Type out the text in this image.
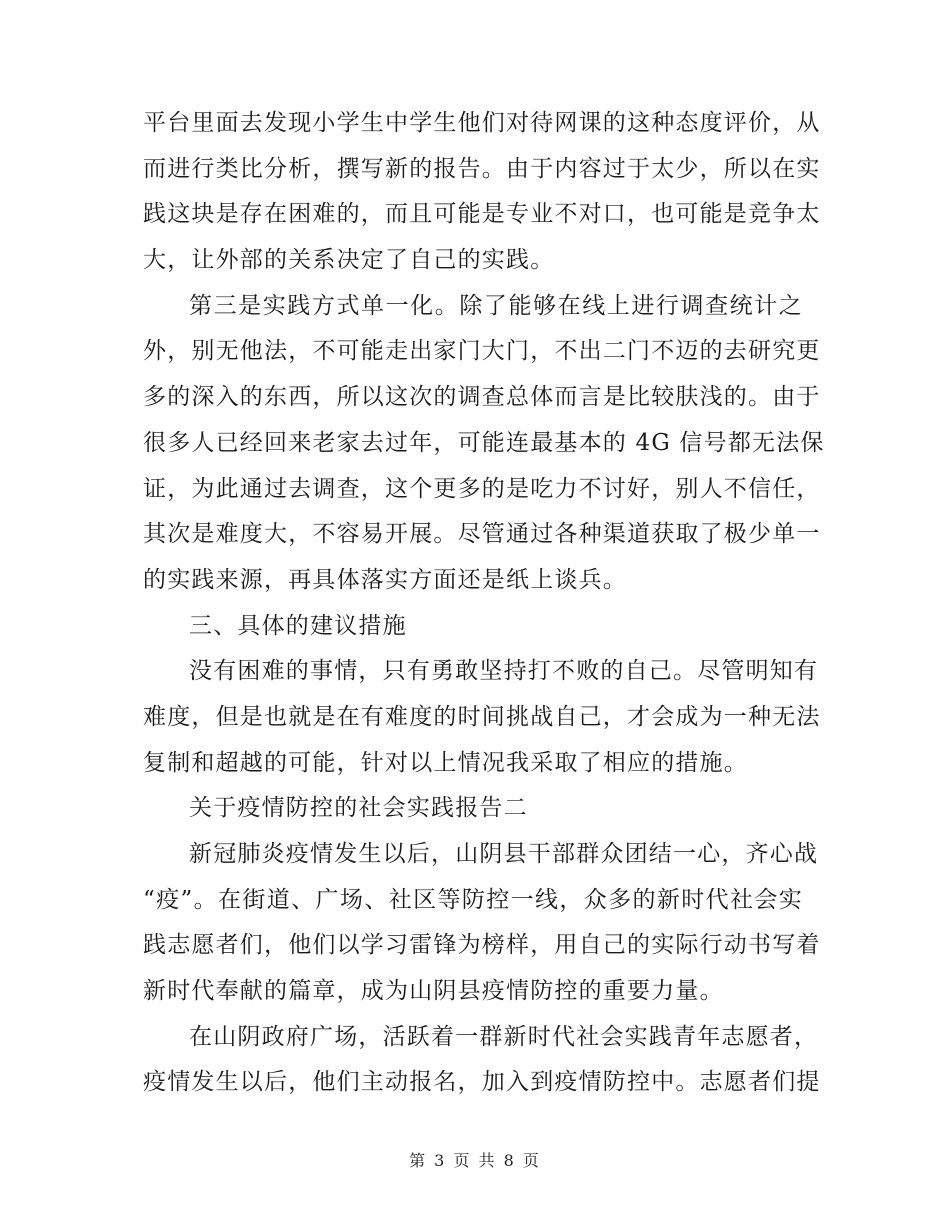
平台里面去发现小学生中学生他们对待网课的这种态度评价，从
而进行类比分析，撰写新的报告。由于内容过于太少，所以在实
践这块是存在困难的，而且可能是专业不对口，也可能是竞争太
大，让外部的关系决定了自己的实践。
第三是实践方式单一化。除了能够在线上进行调查统计之
外，别无他法，不可能走出家门大门，不出二门不迈的去研究更
多的深入的东西，所以这次的调查总体而言是比较肤浅的。由于
很多人已经回来老家去过年，可能连最基本的 4G 信号都无法保
证，为此通过去调查，这个更多的是吃力不讨好，别人不信任，
其次是难度大，不容易开展。尽管通过各种渠道获取了极少单一
的实践来源，再具体落实方面还是纸上谈兵。
三、具体的建议措施
没有困难的事情，只有勇敢坚持打不败的自己。尽管明知有
难度，但是也就是在有难度的时间挑战自己，才会成为一种无法
复制和超越的可能，针对以上情况我采取了相应的措施。
关于疫情防控的社会实践报告二
新冠肺炎疫情发生以后，山阴县干部群众团结一心，齐心战
“疫”。在街道、广场、社区等防控一线，众多的新时代社会实
践志愿者们，他们以学习雷锋为榜样，用自己的实际行动书写着
新时代奉献的篇章，成为山阴县疫情防控的重要力量。
在山阴政府广场，活跃着一群新时代社会实践青年志愿者，
疫情发生以后，他们主动报名，加入到疫情防控中。志愿者们提
第 3 页 共 8 页
